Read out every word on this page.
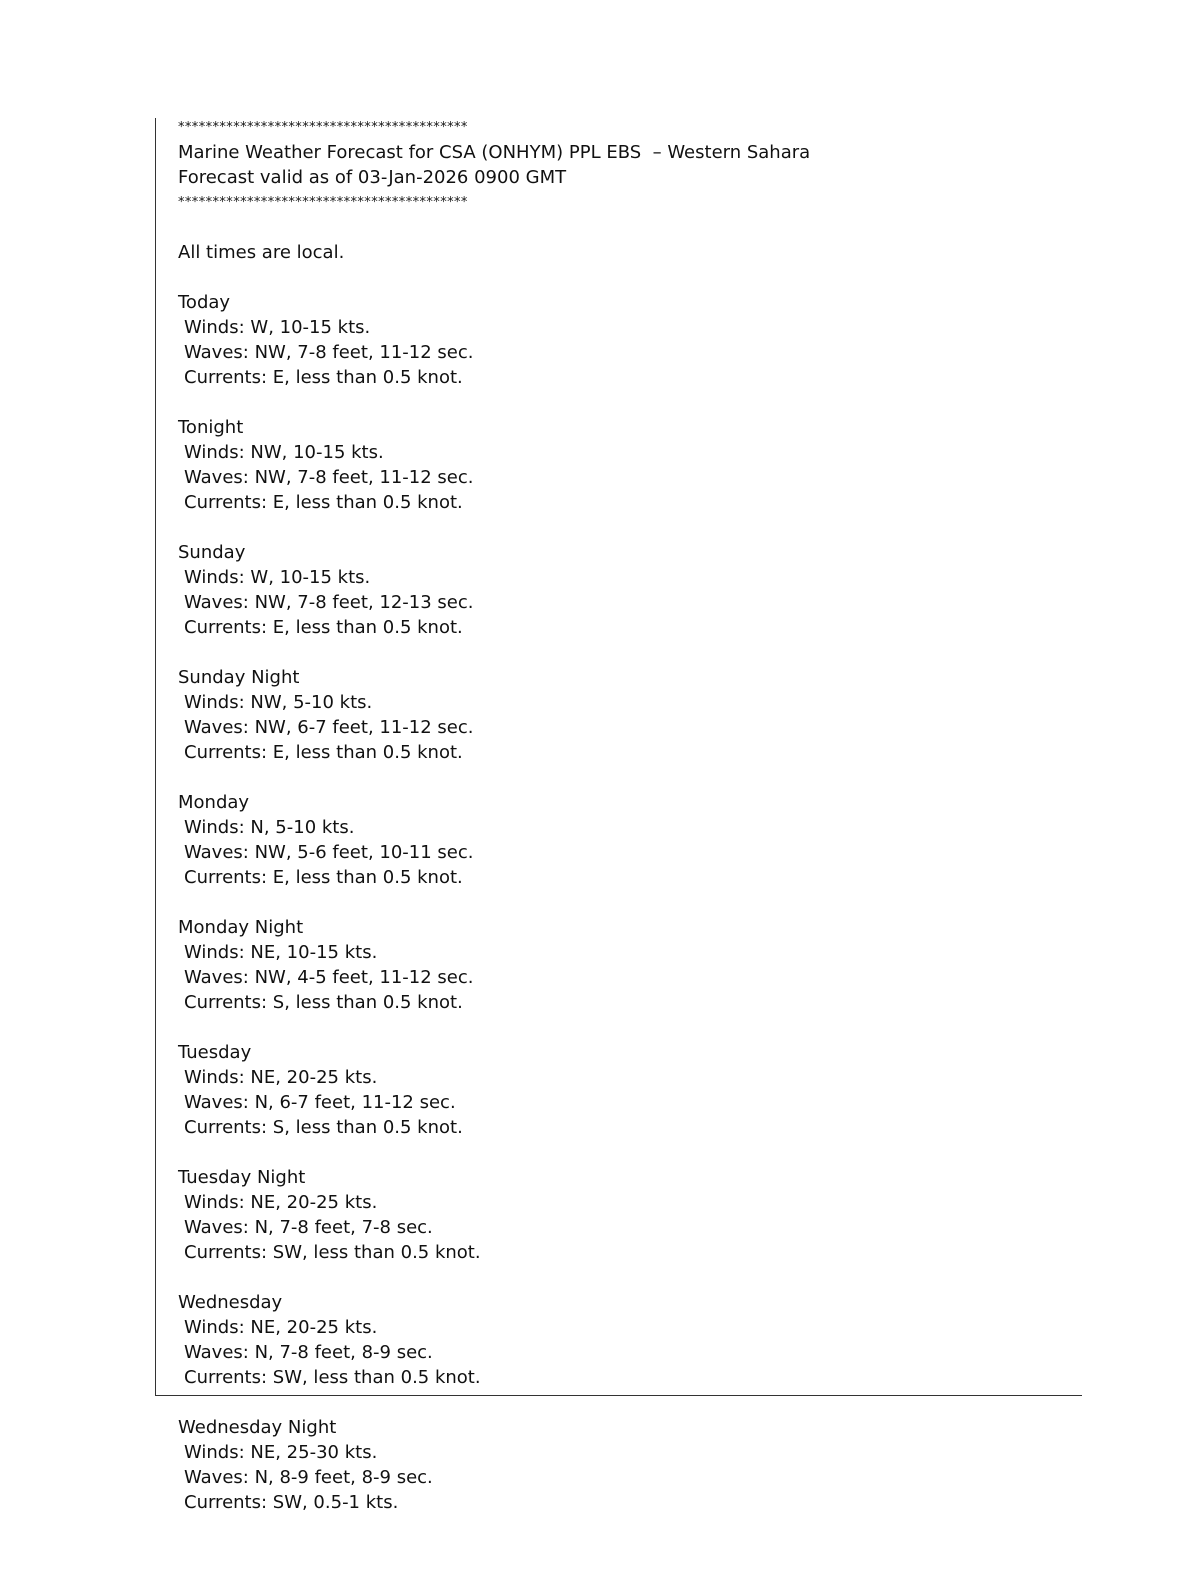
******************************************
Marine Weather Forecast for CSA (ONHYM) PPL EBS  – Western Sahara
Forecast valid as of 03-Jan-2026 0900 GMT
******************************************
All times are local.
Today
Winds: W, 10-15 kts.
Waves: NW, 7-8 feet, 11-12 sec.
Currents: E, less than 0.5 knot.
Tonight
Winds: NW, 10-15 kts.
Waves: NW, 7-8 feet, 11-12 sec.
Currents: E, less than 0.5 knot.
Sunday
Winds: W, 10-15 kts.
Waves: NW, 7-8 feet, 12-13 sec.
Currents: E, less than 0.5 knot.
Sunday Night
Winds: NW, 5-10 kts.
Waves: NW, 6-7 feet, 11-12 sec.
Currents: E, less than 0.5 knot.
Monday
Winds: N, 5-10 kts.
Waves: NW, 5-6 feet, 10-11 sec.
Currents: E, less than 0.5 knot.
Monday Night
Winds: NE, 10-15 kts.
Waves: NW, 4-5 feet, 11-12 sec.
Currents: S, less than 0.5 knot.
Tuesday
Winds: NE, 20-25 kts.
Waves: N, 6-7 feet, 11-12 sec.
Currents: S, less than 0.5 knot.
Tuesday Night
Winds: NE, 20-25 kts.
Waves: N, 7-8 feet, 7-8 sec.
Currents: SW, less than 0.5 knot.
Wednesday
Winds: NE, 20-25 kts.
Waves: N, 7-8 feet, 8-9 sec.
Currents: SW, less than 0.5 knot.
Wednesday Night
Winds: NE, 25-30 kts.
Waves: N, 8-9 feet, 8-9 sec.
Currents: SW, 0.5-1 kts.
